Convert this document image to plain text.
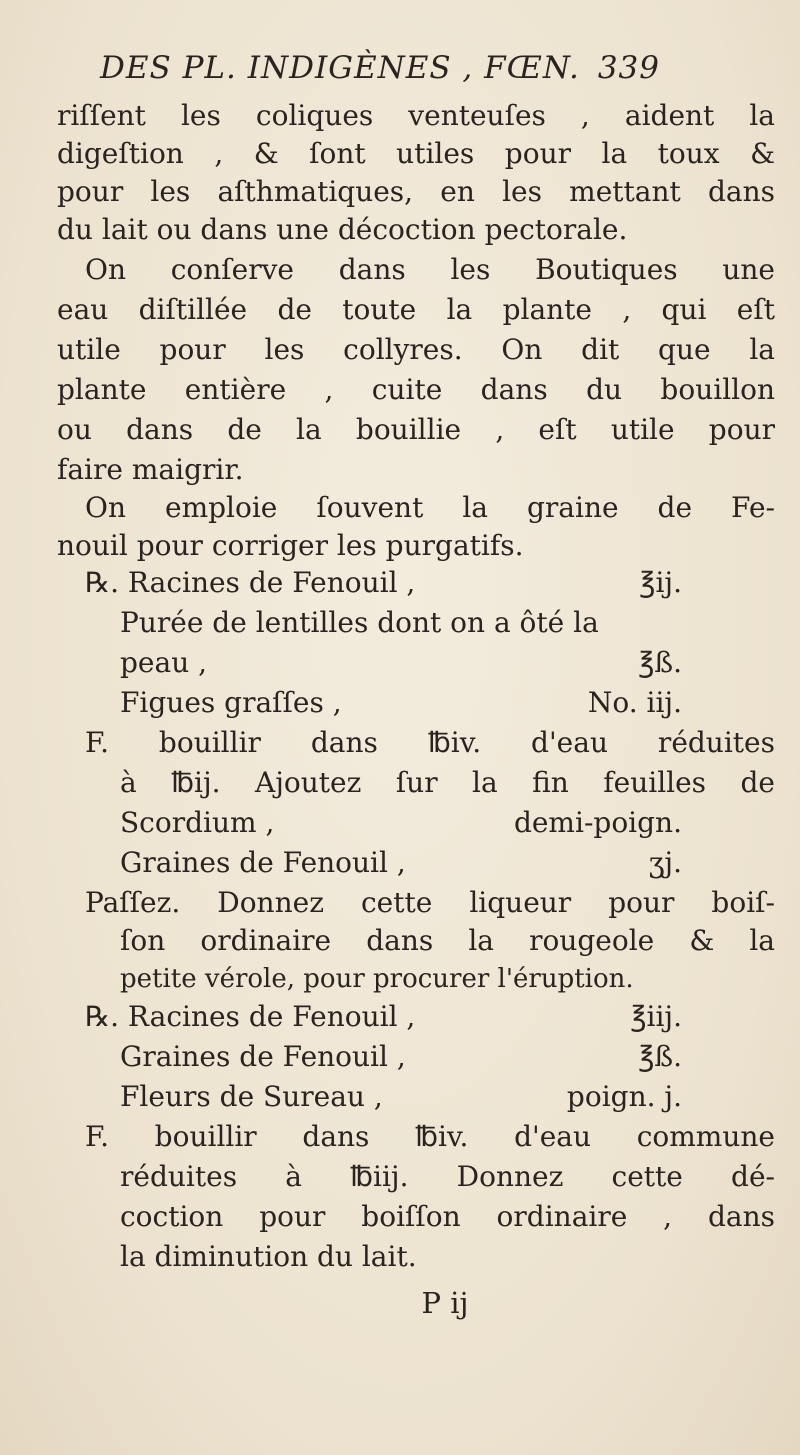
DES PL. INDIGÈNES , FŒN. 339
riſſent les coliques venteuſes , aident la
digeſtion , & ſont utiles pour la toux &
pour les aſthmatiques, en les mettant dans
du lait ou dans une décoction pectorale.
On conſerve dans les Boutiques une
eau diſtillée de toute la plante , qui eſt
utile pour les collyres. On dit que la
plante entière , cuite dans du bouillon
ou dans de la bouillie , eſt utile pour
faire maigrir.
On emploie ſouvent la graine de Fe-
nouil pour corriger les purgatifs.
℞. Racines de Fenouil ,	℥ij.
Purée de lentilles dont on a ôté la
peau ,	℥ß.
Figues graſſes ,	No. iij.
F. bouillir dans ℔iv. d'eau réduites
à ℔ij. Ajoutez ſur la fin feuilles de
Scordium ,	demi-poign.
Graines de Fenouil ,	ʒj.
Paſſez. Donnez cette liqueur pour boiſ-
ſon ordinaire dans la rougeole & la
petite vérole, pour procurer l'éruption.
℞. Racines de Fenouil ,	℥iij.
Graines de Fenouil ,	℥ß.
Fleurs de Sureau ,	poign. j.
F. bouillir dans ℔iv. d'eau commune
réduites à ℔iij. Donnez cette dé-
coction pour boiſſon ordinaire , dans
la diminution du lait.
P ij
